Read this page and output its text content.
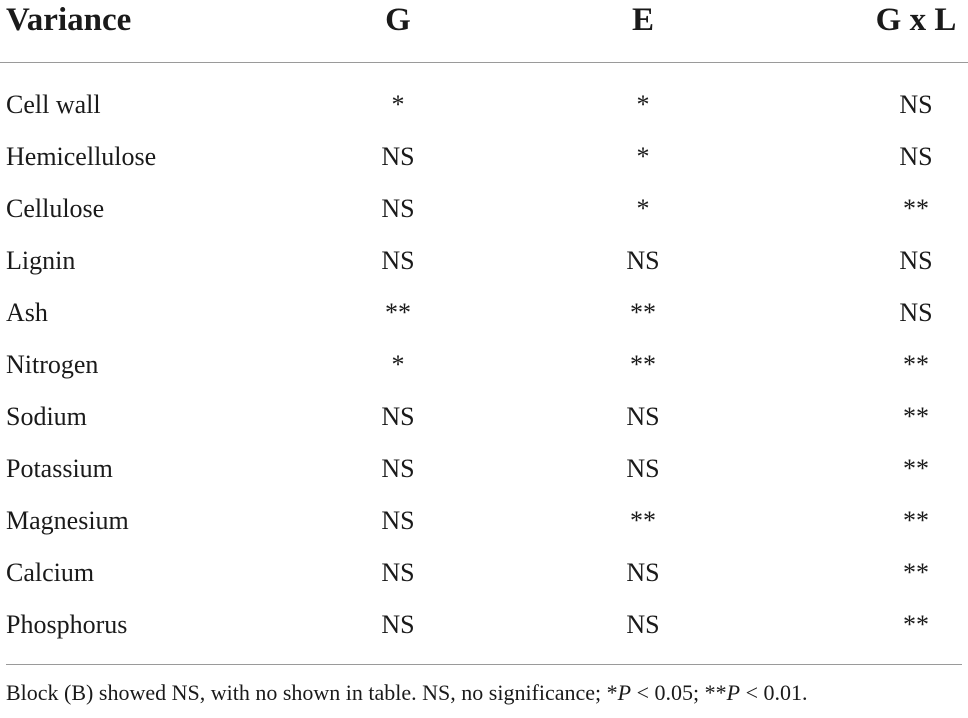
Variance	G	E	G x L
Cell wall	*	*	NS
Hemicellulose	NS	*	NS
Cellulose	NS	*	**
Lignin	NS	NS	NS
Ash	**	**	NS
Nitrogen	*	**	**
Sodium	NS	NS	**
Potassium	NS	NS	**
Magnesium	NS	**	**
Calcium	NS	NS	**
Phosphorus	NS	NS	**
Block (B) showed NS, with no shown in table. NS, no significance; *P < 0.05; **P < 0.01.
